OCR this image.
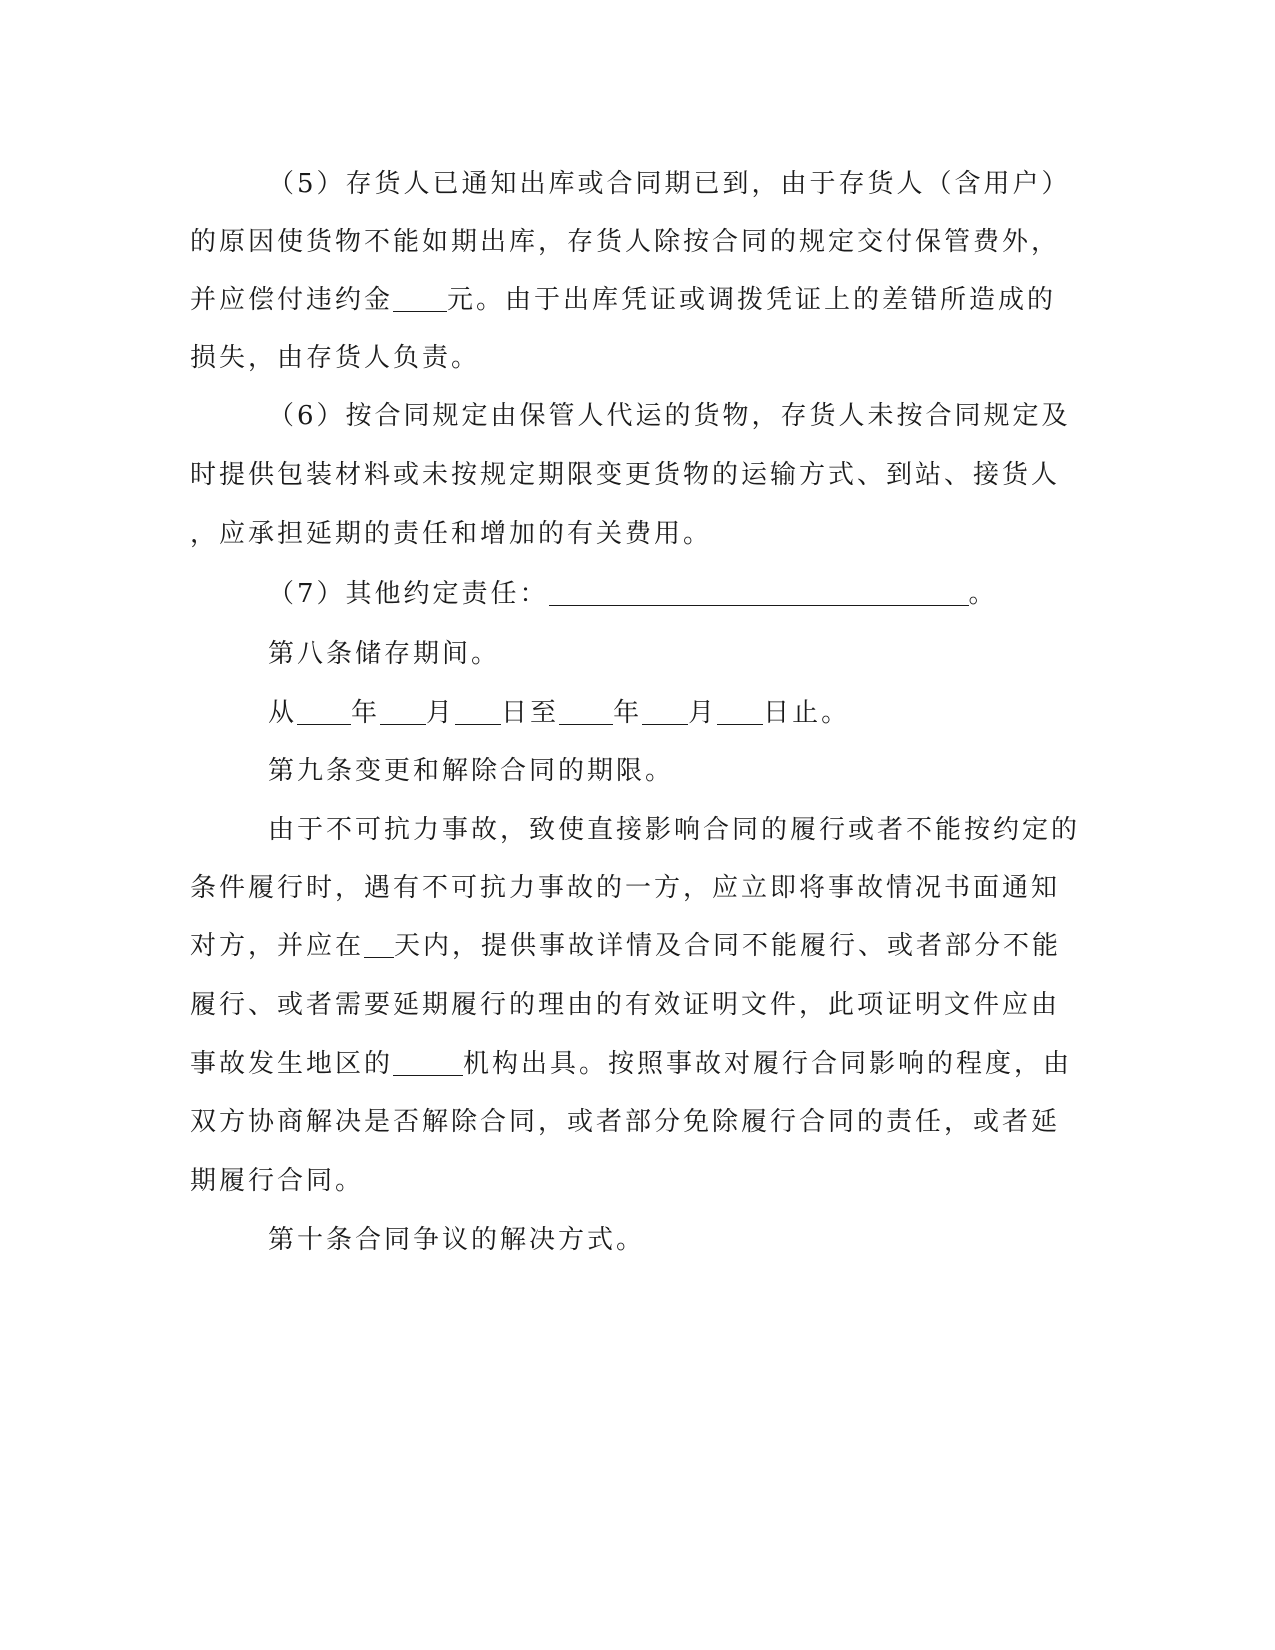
（5）存货人已通知出库或合同期已到，由于存货人（含用户）
的原因使货物不能如期出库，存货人除按合同的规定交付保管费外，
并应偿付违约金 元。由于出库凭证或调拨凭证上的差错所造成的
损失，由存货人负责。
（6）按合同规定由保管人代运的货物，存货人未按合同规定及
时提供包装材料或未按规定期限变更货物的运输方式、到站、接货人
，应承担延期的责任和增加的有关费用。
（7）其他约定责任：	。
第八条储存期间。
从 年 月 日至 年 月 日止。
第九条变更和解除合同的期限。
由于不可抗力事故，致使直接影响合同的履行或者不能按约定的
条件履行时，遇有不可抗力事故的一方，应立即将事故情况书面通知
对方，并应在 天内，提供事故详情及合同不能履行、或者部分不能
履行、或者需要延期履行的理由的有效证明文件，此项证明文件应由
事故发生地区的	机构出具。按照事故对履行合同影响的程度，由
双方协商解决是否解除合同，或者部分免除履行合同的责任，或者延
期履行合同。
第十条合同争议的解决方式。
